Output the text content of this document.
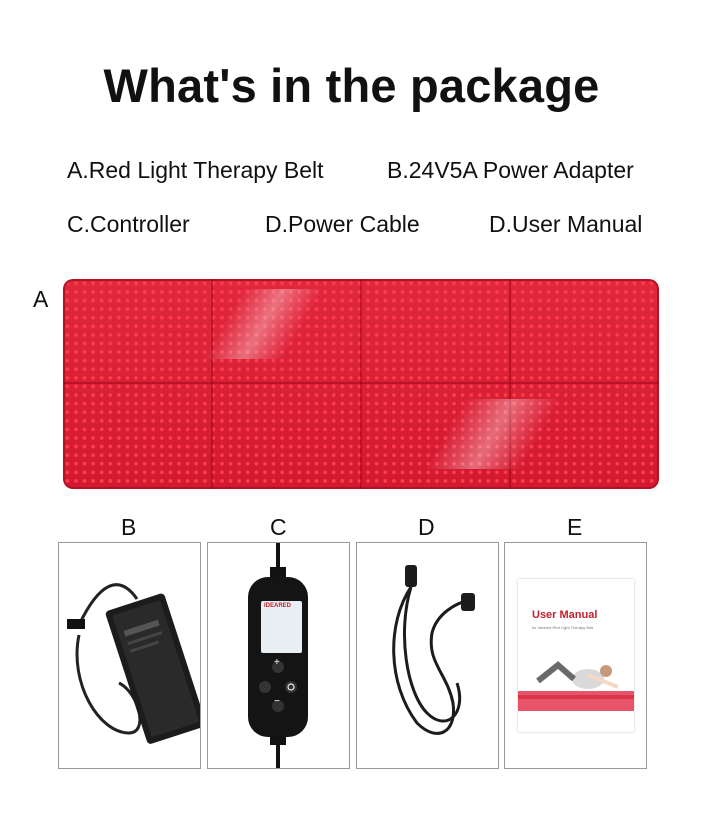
What's in the package
A.Red Light Therapy Belt	B.24V5A Power Adapter
C.Controller	D.Power Cable	D.User Manual
A
B	C	D	E
IDEARED
+
−
User Manual
for Ideared Red Light Therapy Belt
